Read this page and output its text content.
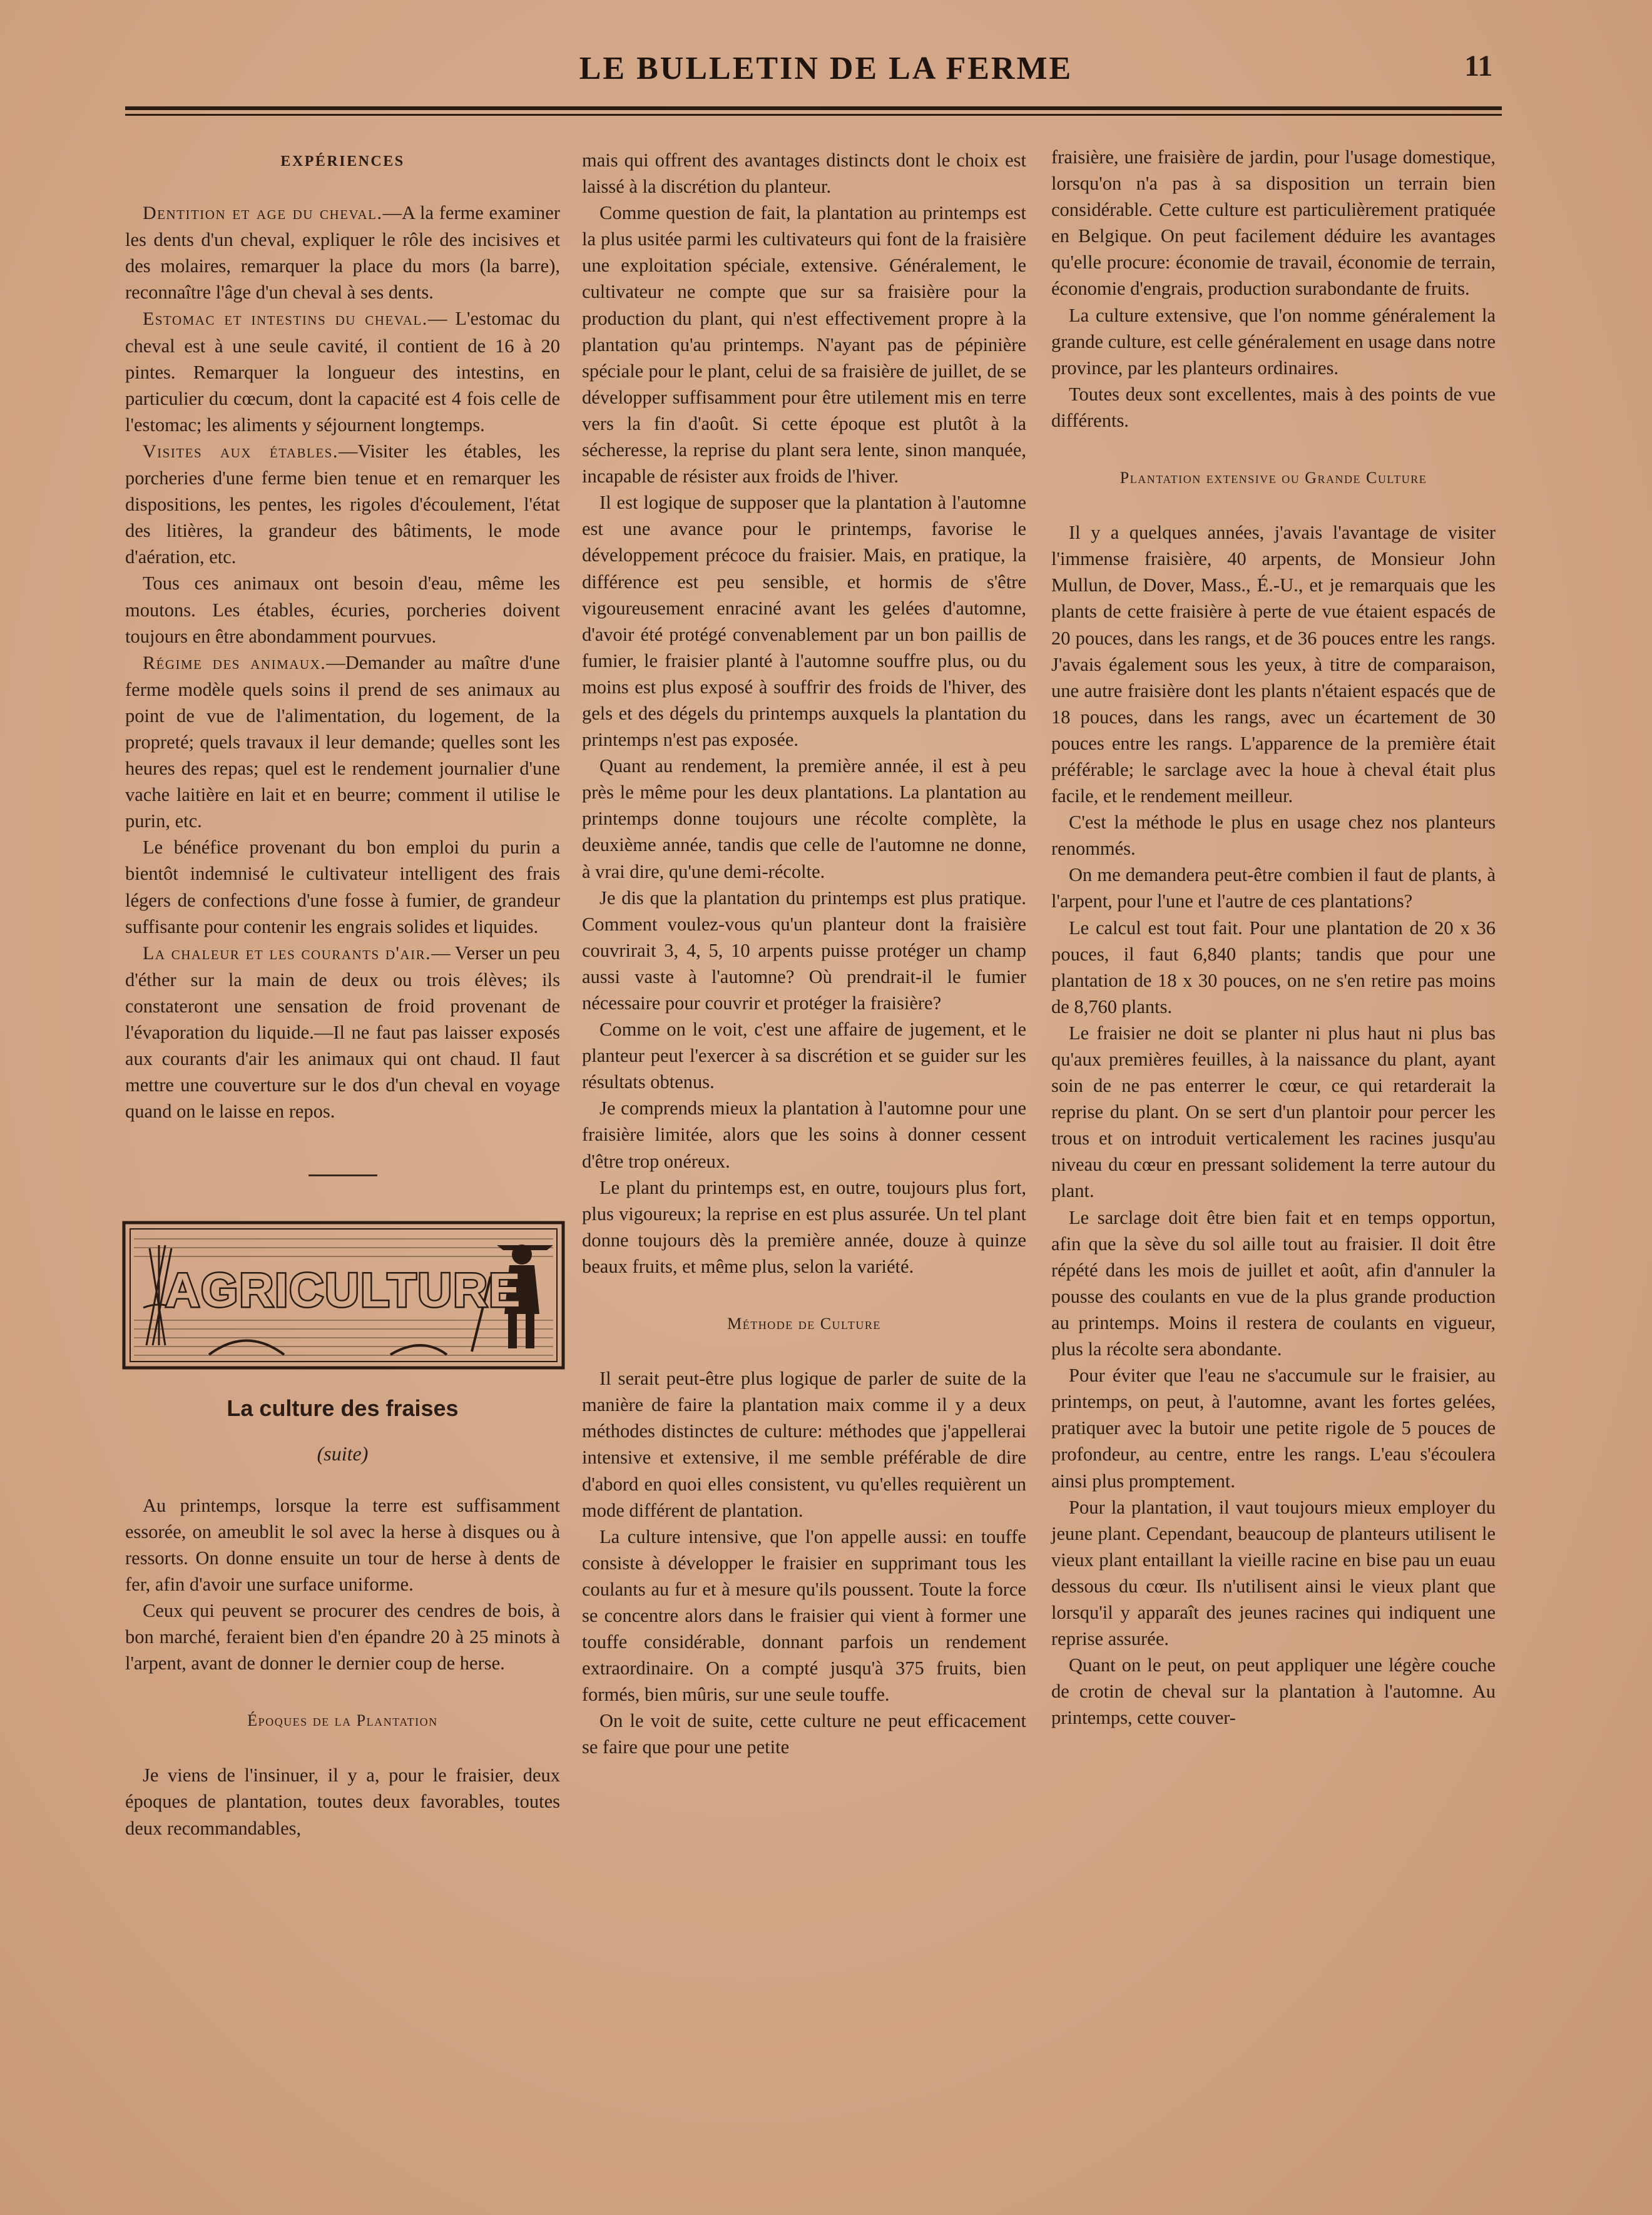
LE BULLETIN DE LA FERME	11
EXPÉRIENCES

Dentition et age du cheval.—A la ferme examiner les dents d'un cheval, expliquer le rôle des incisives et des molaires, remarquer la place du mors (la barre), reconnaître l'âge d'un cheval à ses dents.

Estomac et intestins du cheval.— L'estomac du cheval est à une seule cavité, il contient de 16 à 20 pintes. Remarquer la longueur des intestins, en particulier du cœcum, dont la capacité est 4 fois celle de l'estomac; les aliments y séjournent longtemps.

Visites aux étables.—Visiter les étables, les porcheries d'une ferme bien tenue et en remarquer les dispositions, les pentes, les rigoles d'écoulement, l'état des litières, la grandeur des bâtiments, le mode d'aération, etc.

Tous ces animaux ont besoin d'eau, même les moutons. Les étables, écuries, porcheries doivent toujours en être abondamment pourvues.

Régime des animaux.—Demander au maître d'une ferme modèle quels soins il prend de ses animaux au point de vue de l'alimentation, du logement, de la propreté; quels travaux il leur demande; quelles sont les heures des repas; quel est le rendement journalier d'une vache laitière en lait et en beurre; comment il utilise le purin, etc.

Le bénéfice provenant du bon emploi du purin a bientôt indemnisé le cultivateur intelligent des frais légers de confections d'une fosse à fumier, de grandeur suffisante pour contenir les engrais solides et liquides.

La chaleur et les courants d'air.— Verser un peu d'éther sur la main de deux ou trois élèves; ils constateront une sensation de froid provenant de l'évaporation du liquide.—Il ne faut pas laisser exposés aux courants d'air les animaux qui ont chaud. Il faut mettre une couverture sur le dos d'un cheval en voyage quand on le laisse en repos.

AGRICULTURE
La culture des fraises
(suite)

Au printemps, lorsque la terre est suffisamment essorée, on ameublit le sol avec la herse à disques ou à ressorts. On donne ensuite un tour de herse à dents de fer, afin d'avoir une surface uniforme.

Ceux qui peuvent se procurer des cendres de bois, à bon marché, feraient bien d'en épandre 20 à 25 minots à l'arpent, avant de donner le dernier coup de herse.

Époques de la Plantation

Je viens de l'insinuer, il y a, pour le fraisier, deux époques de plantation, toutes deux favorables, toutes deux recommandables,

mais qui offrent des avantages distincts dont le choix est laissé à la discrétion du planteur.

Comme question de fait, la plantation au printemps est la plus usitée parmi les cultivateurs qui font de la fraisière une exploitation spéciale, extensive. Généralement, le cultivateur ne compte que sur sa fraisière pour la production du plant, qui n'est effectivement propre à la plantation qu'au printemps. N'ayant pas de pépinière spéciale pour le plant, celui de sa fraisière de juillet, de se développer suffisamment pour être utilement mis en terre vers la fin d'août. Si cette époque est plutôt à la sécheresse, la reprise du plant sera lente, sinon manquée, incapable de résister aux froids de l'hiver.

Il est logique de supposer que la plantation à l'automne est une avance pour le printemps, favorise le développement précoce du fraisier. Mais, en pratique, la différence est peu sensible, et hormis de s'être vigoureusement enraciné avant les gelées d'automne, d'avoir été protégé convenablement par un bon paillis de fumier, le fraisier planté à l'automne souffre plus, ou du moins est plus exposé à souffrir des froids de l'hiver, des gels et des dégels du printemps auxquels la plantation du printemps n'est pas exposée.

Quant au rendement, la première année, il est à peu près le même pour les deux plantations. La plantation au printemps donne toujours une récolte complète, la deuxième année, tandis que celle de l'automne ne donne, à vrai dire, qu'une demi-récolte.

Je dis que la plantation du printemps est plus pratique. Comment voulez-vous qu'un planteur dont la fraisière couvrirait 3, 4, 5, 10 arpents puisse protéger un champ aussi vaste à l'automne? Où prendrait-il le fumier nécessaire pour couvrir et protéger la fraisière?

Comme on le voit, c'est une affaire de jugement, et le planteur peut l'exercer à sa discrétion et se guider sur les résultats obtenus.

Je comprends mieux la plantation à l'automne pour une fraisière limitée, alors que les soins à donner cessent d'être trop onéreux.

Le plant du printemps est, en outre, toujours plus fort, plus vigoureux; la reprise en est plus assurée. Un tel plant donne toujours dès la première année, douze à quinze beaux fruits, et même plus, selon la variété.

Méthode de Culture

Il serait peut-être plus logique de parler de suite de la manière de faire la plantation maix comme il y a deux méthodes distinctes de culture: méthodes que j'appellerai intensive et extensive, il me semble préférable de dire d'abord en quoi elles consistent, vu qu'elles requièrent un mode différent de plantation.

La culture intensive, que l'on appelle aussi: en touffe consiste à développer le fraisier en supprimant tous les coulants au fur et à mesure qu'ils poussent. Toute la force se concentre alors dans le fraisier qui vient à former une touffe considérable, donnant parfois un rendement extraordinaire. On a compté jusqu'à 375 fruits, bien formés, bien mûris, sur une seule touffe.

On le voit de suite, cette culture ne peut efficacement se faire que pour une petite

fraisière, une fraisière de jardin, pour l'usage domestique, lorsqu'on n'a pas à sa disposition un terrain bien considérable. Cette culture est particulièrement pratiquée en Belgique. On peut facilement déduire les avantages qu'elle procure: économie de travail, économie de terrain, économie d'engrais, production surabondante de fruits.

La culture extensive, que l'on nomme généralement la grande culture, est celle généralement en usage dans notre province, par les planteurs ordinaires.

Toutes deux sont excellentes, mais à des points de vue différents.

Plantation extensive ou Grande Culture

Il y a quelques années, j'avais l'avantage de visiter l'immense fraisière, 40 arpents, de Monsieur John Mullun, de Dover, Mass., É.-U., et je remarquais que les plants de cette fraisière à perte de vue étaient espacés de 20 pouces, dans les rangs, et de 36 pouces entre les rangs. J'avais également sous les yeux, à titre de comparaison, une autre fraisière dont les plants n'étaient espacés que de 18 pouces, dans les rangs, avec un écartement de 30 pouces entre les rangs. L'apparence de la première était préférable; le sarclage avec la houe à cheval était plus facile, et le rendement meilleur.

C'est la méthode le plus en usage chez nos planteurs renommés.

On me demandera peut-être combien il faut de plants, à l'arpent, pour l'une et l'autre de ces plantations?

Le calcul est tout fait. Pour une plantation de 20 x 36 pouces, il faut 6,840 plants; tandis que pour une plantation de 18 x 30 pouces, on ne s'en retire pas moins de 8,760 plants.

Le fraisier ne doit se planter ni plus haut ni plus bas qu'aux premières feuilles, à la naissance du plant, ayant soin de ne pas enterrer le cœur, ce qui retarderait la reprise du plant. On se sert d'un plantoir pour percer les trous et on introduit verticalement les racines jusqu'au niveau du cœur en pressant solidement la terre autour du plant.

Le sarclage doit être bien fait et en temps opportun, afin que la sève du sol aille tout au fraisier. Il doit être répété dans les mois de juillet et août, afin d'annuler la pousse des coulants en vue de la plus grande production au printemps. Moins il restera de coulants en vigueur, plus la récolte sera abondante.

Pour éviter que l'eau ne s'accumule sur le fraisier, au printemps, on peut, à l'automne, avant les fortes gelées, pratiquer avec la butoir une petite rigole de 5 pouces de profondeur, au centre, entre les rangs. L'eau s'écoulera ainsi plus promptement.

Pour la plantation, il vaut toujours mieux employer du jeune plant. Cependant, beaucoup de planteurs utilisent le vieux plant entaillant la vieille racine en bise pau un euau dessous du cœur. Ils n'utilisent ainsi le vieux plant que lorsqu'il y apparaît des jeunes racines qui indiquent une reprise assurée.

Quant on le peut, on peut appliquer une légère couche de crotin de cheval sur la plantation à l'automne. Au printemps, cette couver-
